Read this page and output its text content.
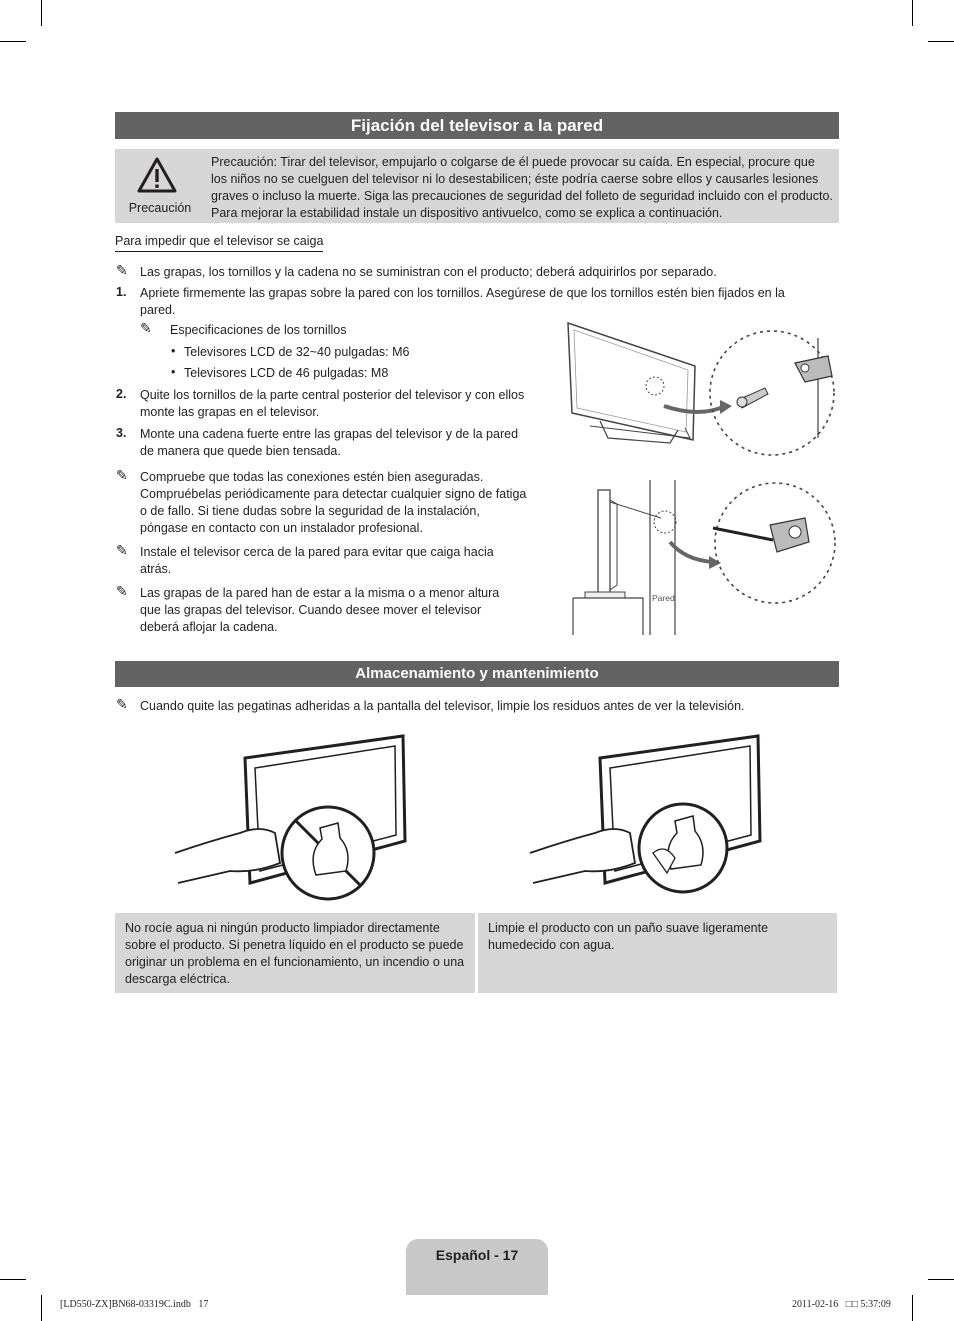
Fijación del televisor a la pared
Precaución
Precaución: Tirar del televisor, empujarlo o colgarse de él puede provocar su caída. En especial, procure que los niños no se cuelguen del televisor ni lo desestabilicen; éste podría caerse sobre ellos y causarles lesiones graves o incluso la muerte. Siga las precauciones de seguridad del folleto de seguridad incluido con el producto. Para mejorar la estabilidad instale un dispositivo antivuelco, como se explica a continuación.
Para impedir que el televisor se caiga
✎ Las grapas, los tornillos y la cadena no se suministran con el producto; deberá adquirirlos por separado.
1. Apriete firmemente las grapas sobre la pared con los tornillos. Asegúrese de que los tornillos estén bien fijados en la pared.
✎ Especificaciones de los tornillos
• Televisores LCD de 32~40 pulgadas: M6
• Televisores LCD de 46 pulgadas: M8
2. Quite los tornillos de la parte central posterior del televisor y con ellos monte las grapas en el televisor.
3. Monte una cadena fuerte entre las grapas del televisor y de la pared de manera que quede bien tensada.
✎ Compruebe que todas las conexiones estén bien aseguradas. Compruébelas periódicamente para detectar cualquier signo de fatiga o de fallo. Si tiene dudas sobre la seguridad de la instalación, póngase en contacto con un instalador profesional.
✎ Instale el televisor cerca de la pared para evitar que caiga hacia atrás.
✎ Las grapas de la pared han de estar a la misma o a menor altura que las grapas del televisor. Cuando desee mover el televisor deberá aflojar la cadena.
Pared
Almacenamiento y mantenimiento
✎ Cuando quite las pegatinas adheridas a la pantalla del televisor, limpie los residuos antes de ver la televisión.
No rocíe agua ni ningún producto limpiador directamente sobre el producto. Si penetra líquido en el producto se puede originar un problema en el funcionamiento, un incendio o una descarga eléctrica.
Limpie el producto con un paño suave ligeramente humedecido con agua.
Español - 17
[LD550-ZX]BN68-03319C.indb   17	2011-02-16   □□ 5:37:09
